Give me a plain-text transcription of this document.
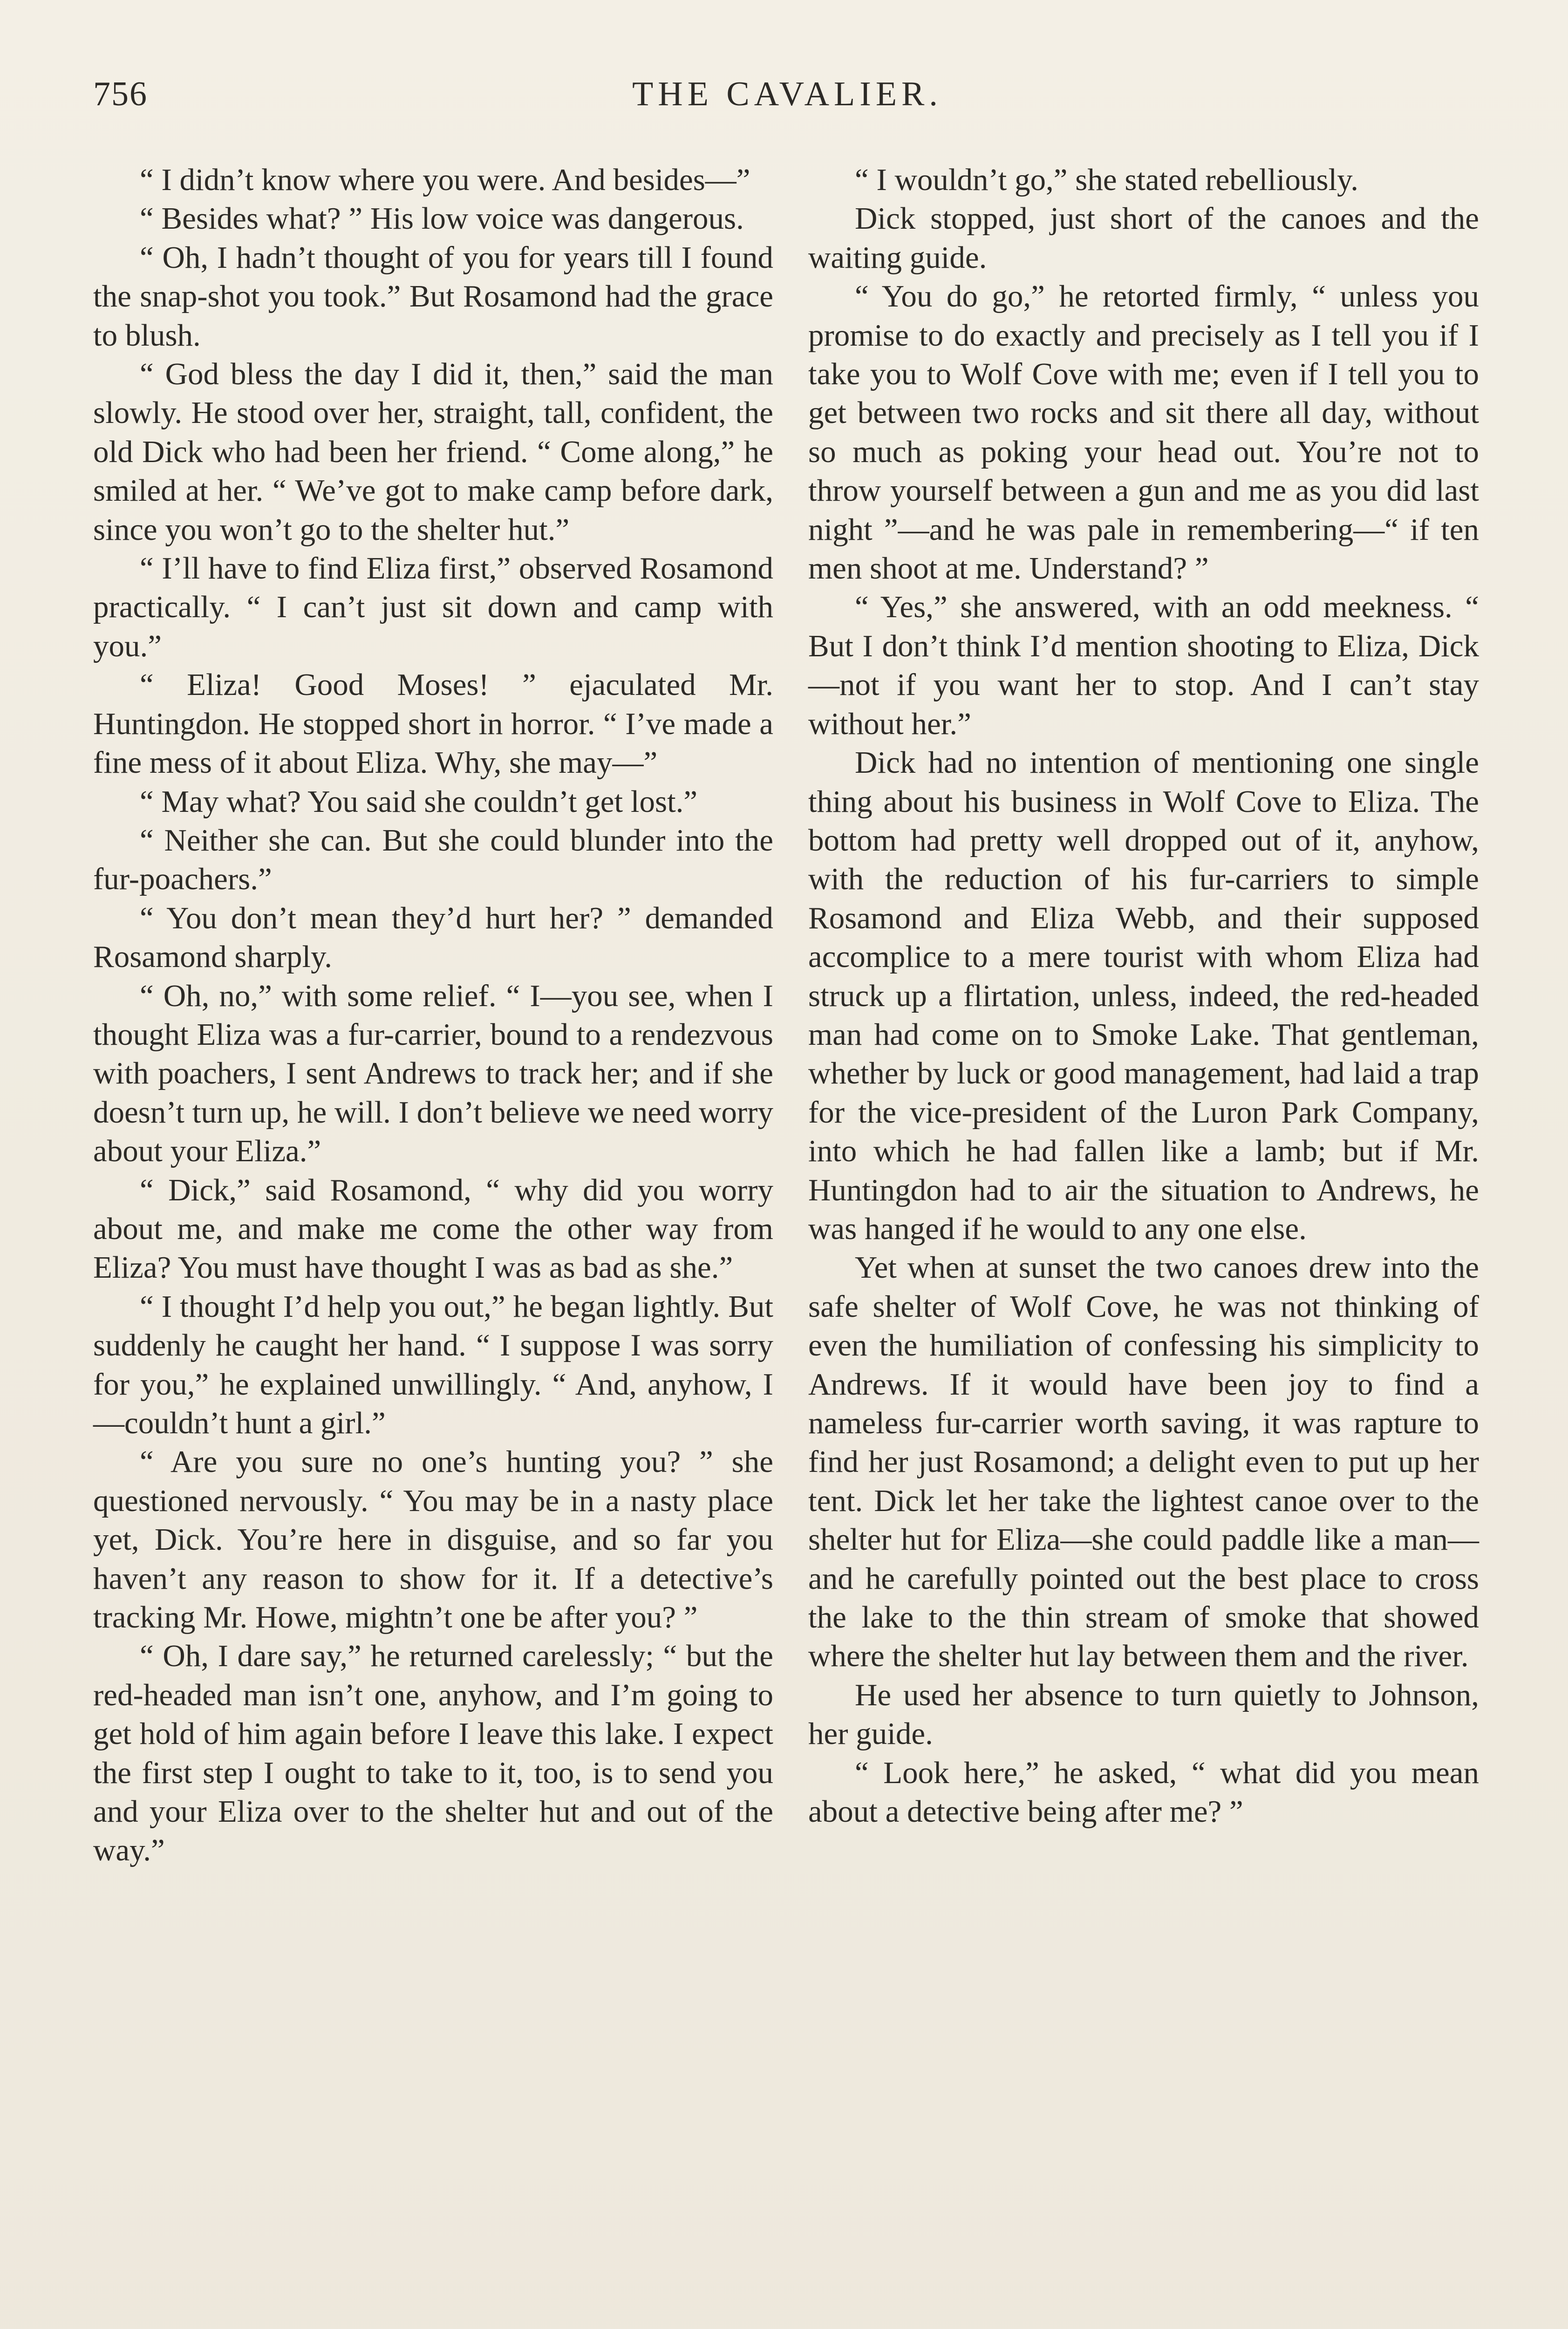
756	THE CAVALIER.

“ I didn’t know where you were. And besides—”

“ Besides what? ” His low voice was dangerous.

“ Oh, I hadn’t thought of you for years till I found the snap-shot you took.” But Rosamond had the grace to blush.

“ God bless the day I did it, then,” said the man slowly. He stood over her, straight, tall, confident, the old Dick who had been her friend. “ Come along,” he smiled at her. “ We’ve got to make camp before dark, since you won’t go to the shelter hut.”

“ I’ll have to find Eliza first,” observed Rosamond practically. “ I can’t just sit down and camp with you.”

“ Eliza! Good Moses! ” ejaculated Mr. Huntingdon. He stopped short in horror. “ I’ve made a fine mess of it about Eliza. Why, she may—”

“ May what? You said she couldn’t get lost.”

“ Neither she can. But she could blunder into the fur-poachers.”

“ You don’t mean they’d hurt her? ” demanded Rosamond sharply.

“ Oh, no,” with some relief. “ I—you see, when I thought Eliza was a fur-carrier, bound to a rendezvous with poachers, I sent Andrews to track her; and if she doesn’t turn up, he will. I don’t believe we need worry about your Eliza.”

“ Dick,” said Rosamond, “ why did you worry about me, and make me come the other way from Eliza? You must have thought I was as bad as she.”

“ I thought I’d help you out,” he began lightly. But suddenly he caught her hand. “ I suppose I was sorry for you,” he explained unwillingly. “ And, anyhow, I—couldn’t hunt a girl.”

“ Are you sure no one’s hunting you? ” she questioned nervously. “ You may be in a nasty place yet, Dick. You’re here in disguise, and so far you haven’t any reason to show for it. If a detective’s tracking Mr. Howe, mightn’t one be after you? ”

“ Oh, I dare say,” he returned carelessly; “ but the red-headed man isn’t one, anyhow, and I’m going to get hold of him again before I leave this lake. I expect the first step I ought to take to it, too, is to send you and your Eliza over to the shelter hut and out of the way.”

“ I wouldn’t go,” she stated rebelliously.

Dick stopped, just short of the canoes and the waiting guide.

“ You do go,” he retorted firmly, “ unless you promise to do exactly and precisely as I tell you if I take you to Wolf Cove with me; even if I tell you to get between two rocks and sit there all day, without so much as poking your head out. You’re not to throw yourself between a gun and me as you did last night ”—and he was pale in remembering—“ if ten men shoot at me. Understand? ”

“ Yes,” she answered, with an odd meekness. “ But I don’t think I’d mention shooting to Eliza, Dick—not if you want her to stop. And I can’t stay without her.”

Dick had no intention of mentioning one single thing about his business in Wolf Cove to Eliza. The bottom had pretty well dropped out of it, anyhow, with the reduction of his fur-carriers to simple Rosamond and Eliza Webb, and their supposed accomplice to a mere tourist with whom Eliza had struck up a flirtation, unless, indeed, the red-headed man had come on to Smoke Lake. That gentleman, whether by luck or good management, had laid a trap for the vice-president of the Luron Park Company, into which he had fallen like a lamb; but if Mr. Huntingdon had to air the situation to Andrews, he was hanged if he would to any one else.

Yet when at sunset the two canoes drew into the safe shelter of Wolf Cove, he was not thinking of even the humiliation of confessing his simplicity to Andrews. If it would have been joy to find a nameless fur-carrier worth saving, it was rapture to find her just Rosamond; a delight even to put up her tent. Dick let her take the lightest canoe over to the shelter hut for Eliza—she could paddle like a man—and he carefully pointed out the best place to cross the lake to the thin stream of smoke that showed where the shelter hut lay between them and the river.

He used her absence to turn quietly to Johnson, her guide.

“ Look here,” he asked, “ what did you mean about a detective being after me? ”
